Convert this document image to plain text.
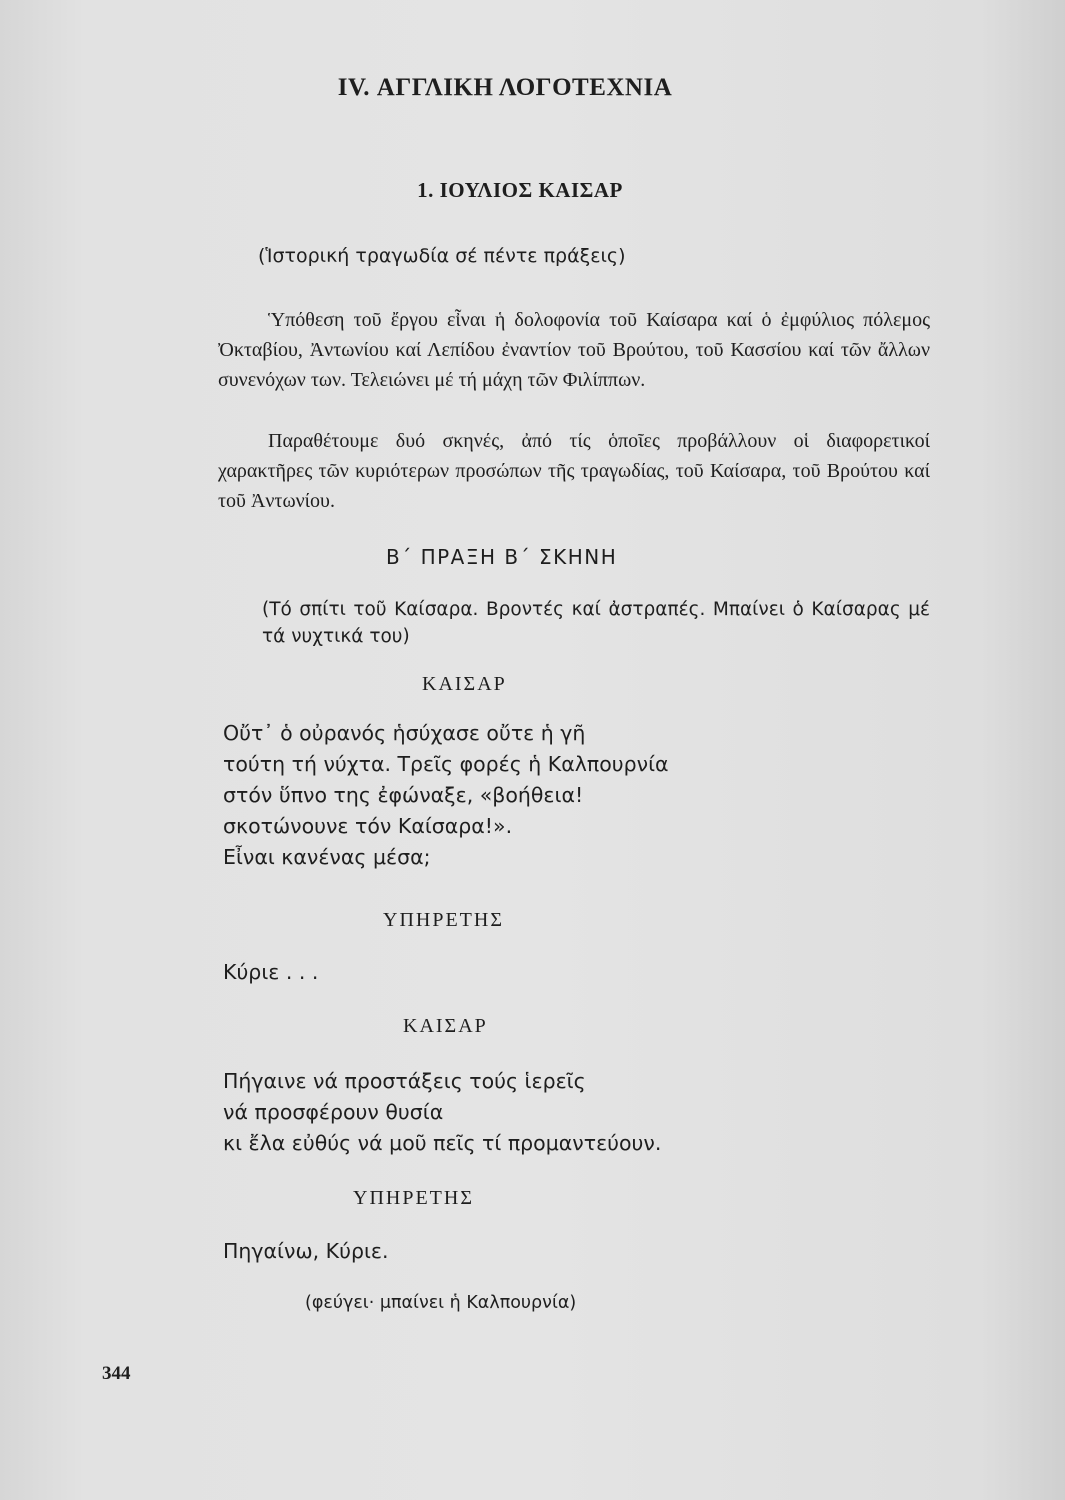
IV. ΑΓΓΛΙΚΗ ΛΟΓΟΤΕΧΝΙΑ
1. ΙΟΥΛΙΟΣ ΚΑΙΣΑΡ
(Ἱστορική τραγωδία σέ πέντε πράξεις)

Ὑπόθεση τοῦ ἔργου εἶναι ἡ δολοφονία τοῦ Καίσαρα καί ὁ ἐμφύλιος πόλεμος Ὀκταβίου, Ἀντωνίου καί Λεπίδου ἐναντίον τοῦ Βρούτου, τοῦ Κασσίου καί τῶν ἄλλων συνενόχων των. Τελειώνει μέ τή μάχη τῶν Φιλίππων.

Παραθέτουμε δυό σκηνές, ἀπό τίς ὁποῖες προβάλλουν οἱ διαφορετικοί χαρακτῆρες τῶν κυριότερων προσώπων τῆς τραγωδίας, τοῦ Καίσαρα, τοῦ Βρούτου καί τοῦ Ἀντωνίου.

Β΄ ΠΡΑΞΗ Β΄ ΣΚΗΝΗ

(Τό σπίτι τοῦ Καίσαρα. Βροντές καί ἀστραπές. Μπαίνει ὁ Καίσαρας μέ τά νυχτικά του)

ΚΑΙΣΑΡ
Οὔτ᾽ ὁ οὐρανός ἡσύχασε οὔτε ἡ γῆ
τούτη τή νύχτα. Τρεῖς φορές ἡ Καλπουρνία
στόν ὕπνο της ἐφώναξε, «βοήθεια!
σκοτώνουνε τόν Καίσαρα!».
Εἶναι κανένας μέσα;
ΥΠΗΡΕΤΗΣ
Κύριε . . .
ΚΑΙΣΑΡ
Πήγαινε νά προστάξεις τούς ἱερεῖς
νά προσφέρουν θυσία
κι ἔλα εὐθύς νά μοῦ πεῖς τί προμαντεύουν.
ΥΠΗΡΕΤΗΣ
Πηγαίνω, Κύριε.
(φεύγει· μπαίνει ἡ Καλπουρνία)
344
